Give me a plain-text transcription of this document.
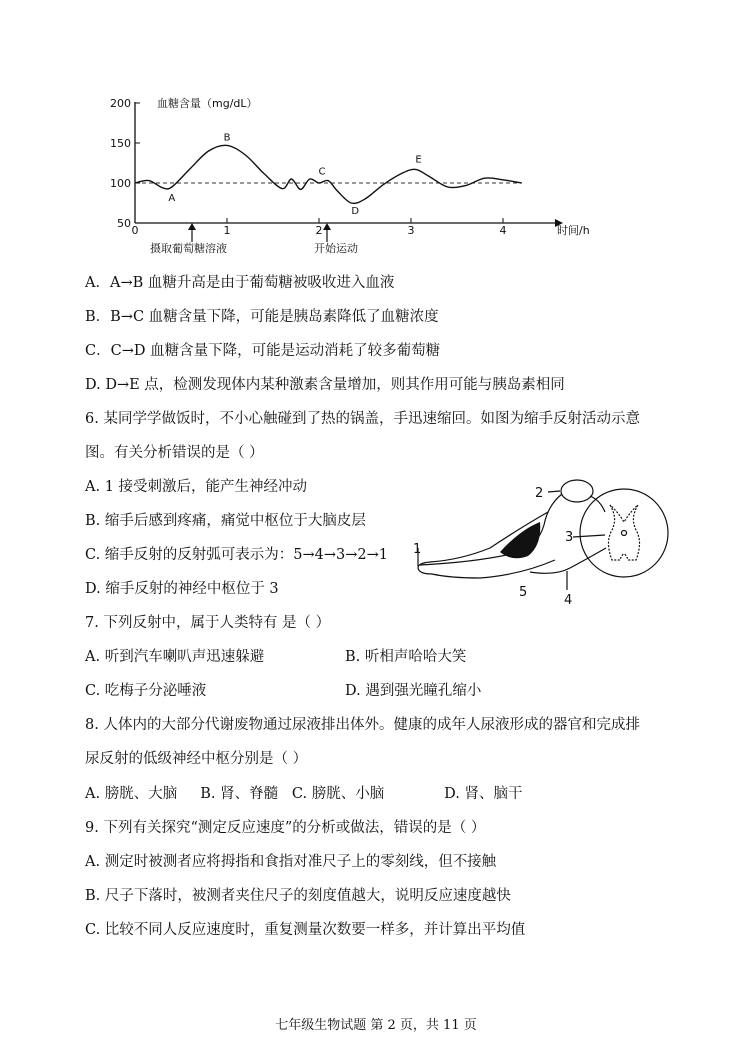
血糖含量（mg/dL）
时间/h
摄取葡萄糖溶液	开始运动
200
150
100
50
0	1	2	3	4
A
B
C
D
E
A．A→B 血糖升高是由于葡萄糖被吸收进入血液
B．B→C 血糖含量下降，可能是胰岛素降低了血糖浓度
C．C→D 血糖含量下降，可能是运动消耗了较多葡萄糖
D. D→E 点，检测发现体内某种激素含量增加，则其作用可能与胰岛素相同
6. 某同学学做饭时，不小心触碰到了热的锅盖，手迅速缩回。如图为缩手反射活动示意
图。有关分析错误的是（ ）
A. 1 接受刺激后，能产生神经冲动
B. 缩手后感到疼痛，痛觉中枢位于大脑皮层
C. 缩手反射的反射弧可表示为：5→4→3→2→1
D. 缩手反射的神经中枢位于 3
1
2
3
4
5
7. 下列反射中，属于人类特有 是（ ）
A. 听到汽车喇叭声迅速躲避	B. 听相声哈哈大笑
C. 吃梅子分泌唾液	D. 遇到强光瞳孔缩小
8. 人体内的大部分代谢废物通过尿液排出体外。健康的成年人尿液形成的器官和完成排
尿反射的低级神经中枢分别是（ ）
A. 膀胱、大脑     B. 肾、脊髓   C. 膀胱、小脑             D. 肾、脑干
9. 下列有关探究“测定反应速度”的分析或做法，错误的是（ ）
A. 测定时被测者应将拇指和食指对准尺子上的零刻线，但不接触
B. 尺子下落时，被测者夹住尺子的刻度值越大，说明反应速度越快
C. 比较不同人反应速度时，重复测量次数要一样多，并计算出平均值
七年级生物试题 第 2 页，共 11 页
